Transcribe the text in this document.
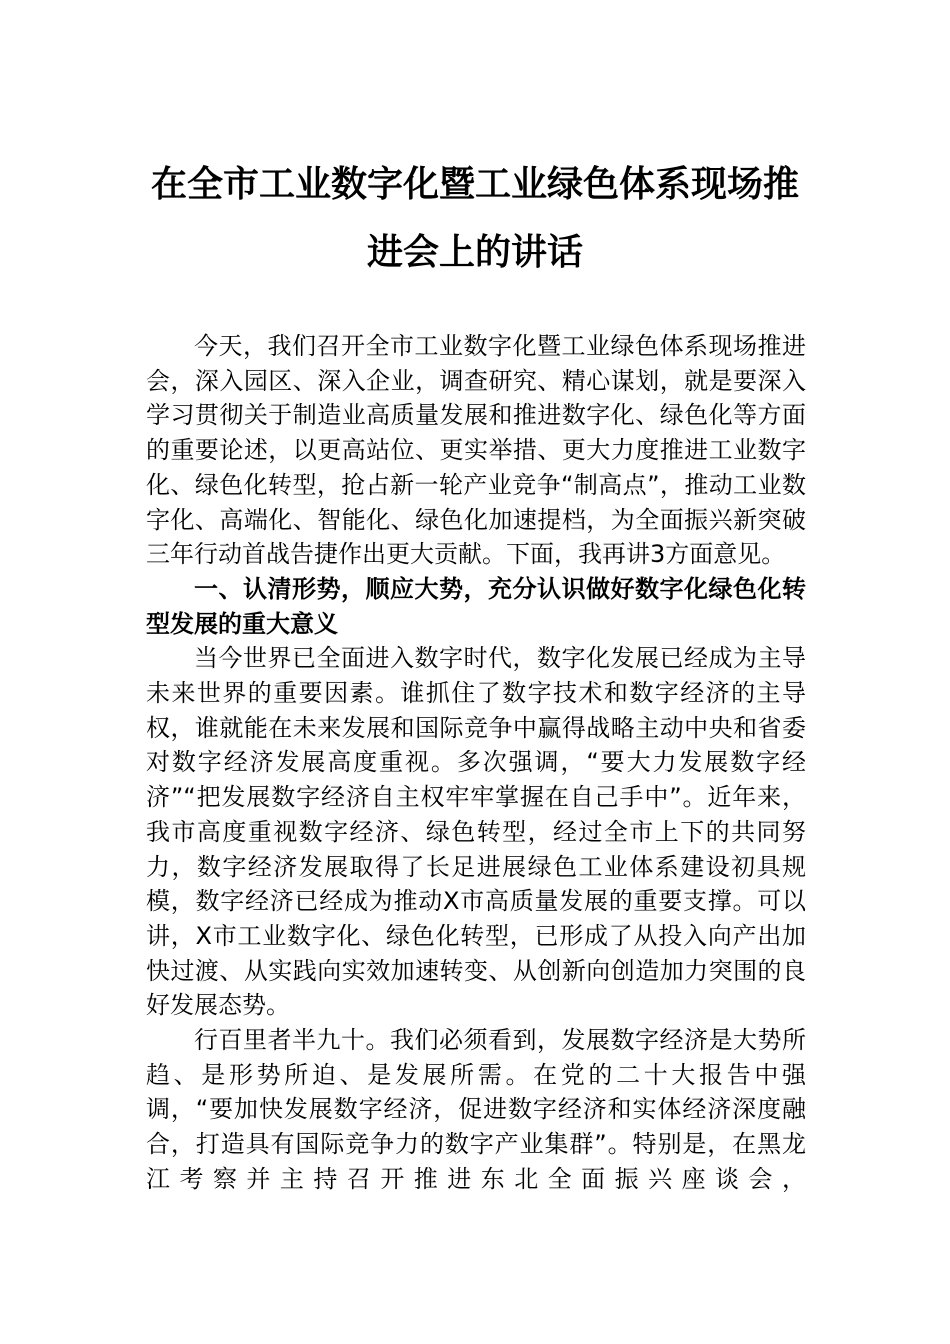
在全市工业数字化暨工业绿色体系现场推
进会上的讲话

今天，我们召开全市工业数字化暨工业绿色体系现场推进会，深入园区、深入企业，调查研究、精心谋划，就是要深入学习贯彻关于制造业高质量发展和推进数字化、绿色化等方面的重要论述，以更高站位、更实举措、更大力度推进工业数字化、绿色化转型，抢占新一轮产业竞争“制高点”，推动工业数字化、高端化、智能化、绿色化加速提档，为全面振兴新突破三年行动首战告捷作出更大贡献。下面，我再讲3方面意见。

一、认清形势，顺应大势，充分认识做好数字化绿色化转型发展的重大意义

当今世界已全面进入数字时代，数字化发展已经成为主导未来世界的重要因素。谁抓住了数字技术和数字经济的主导权，谁就能在未来发展和国际竞争中赢得战略主动中央和省委对数字经济发展高度重视。多次强调，“要大力发展数字经济”“把发展数字经济自主权牢牢掌握在自己手中”。近年来，我市高度重视数字经济、绿色转型，经过全市上下的共同努力，数字经济发展取得了长足进展绿色工业体系建设初具规模，数字经济已经成为推动X市高质量发展的重要支撑。可以讲，X市工业数字化、绿色化转型，已形成了从投入向产出加快过渡、从实践向实效加速转变、从创新向创造加力突围的良好发展态势。

行百里者半九十。我们必须看到，发展数字经济是大势所趋、是形势所迫、是发展所需。在党的二十大报告中强调，“要加快发展数字经济，促进数字经济和实体经济深度融合，打造具有国际竞争力的数字产业集群”。特别是，在黑龙江考察并主持召开推进东北全面振兴座谈会，
